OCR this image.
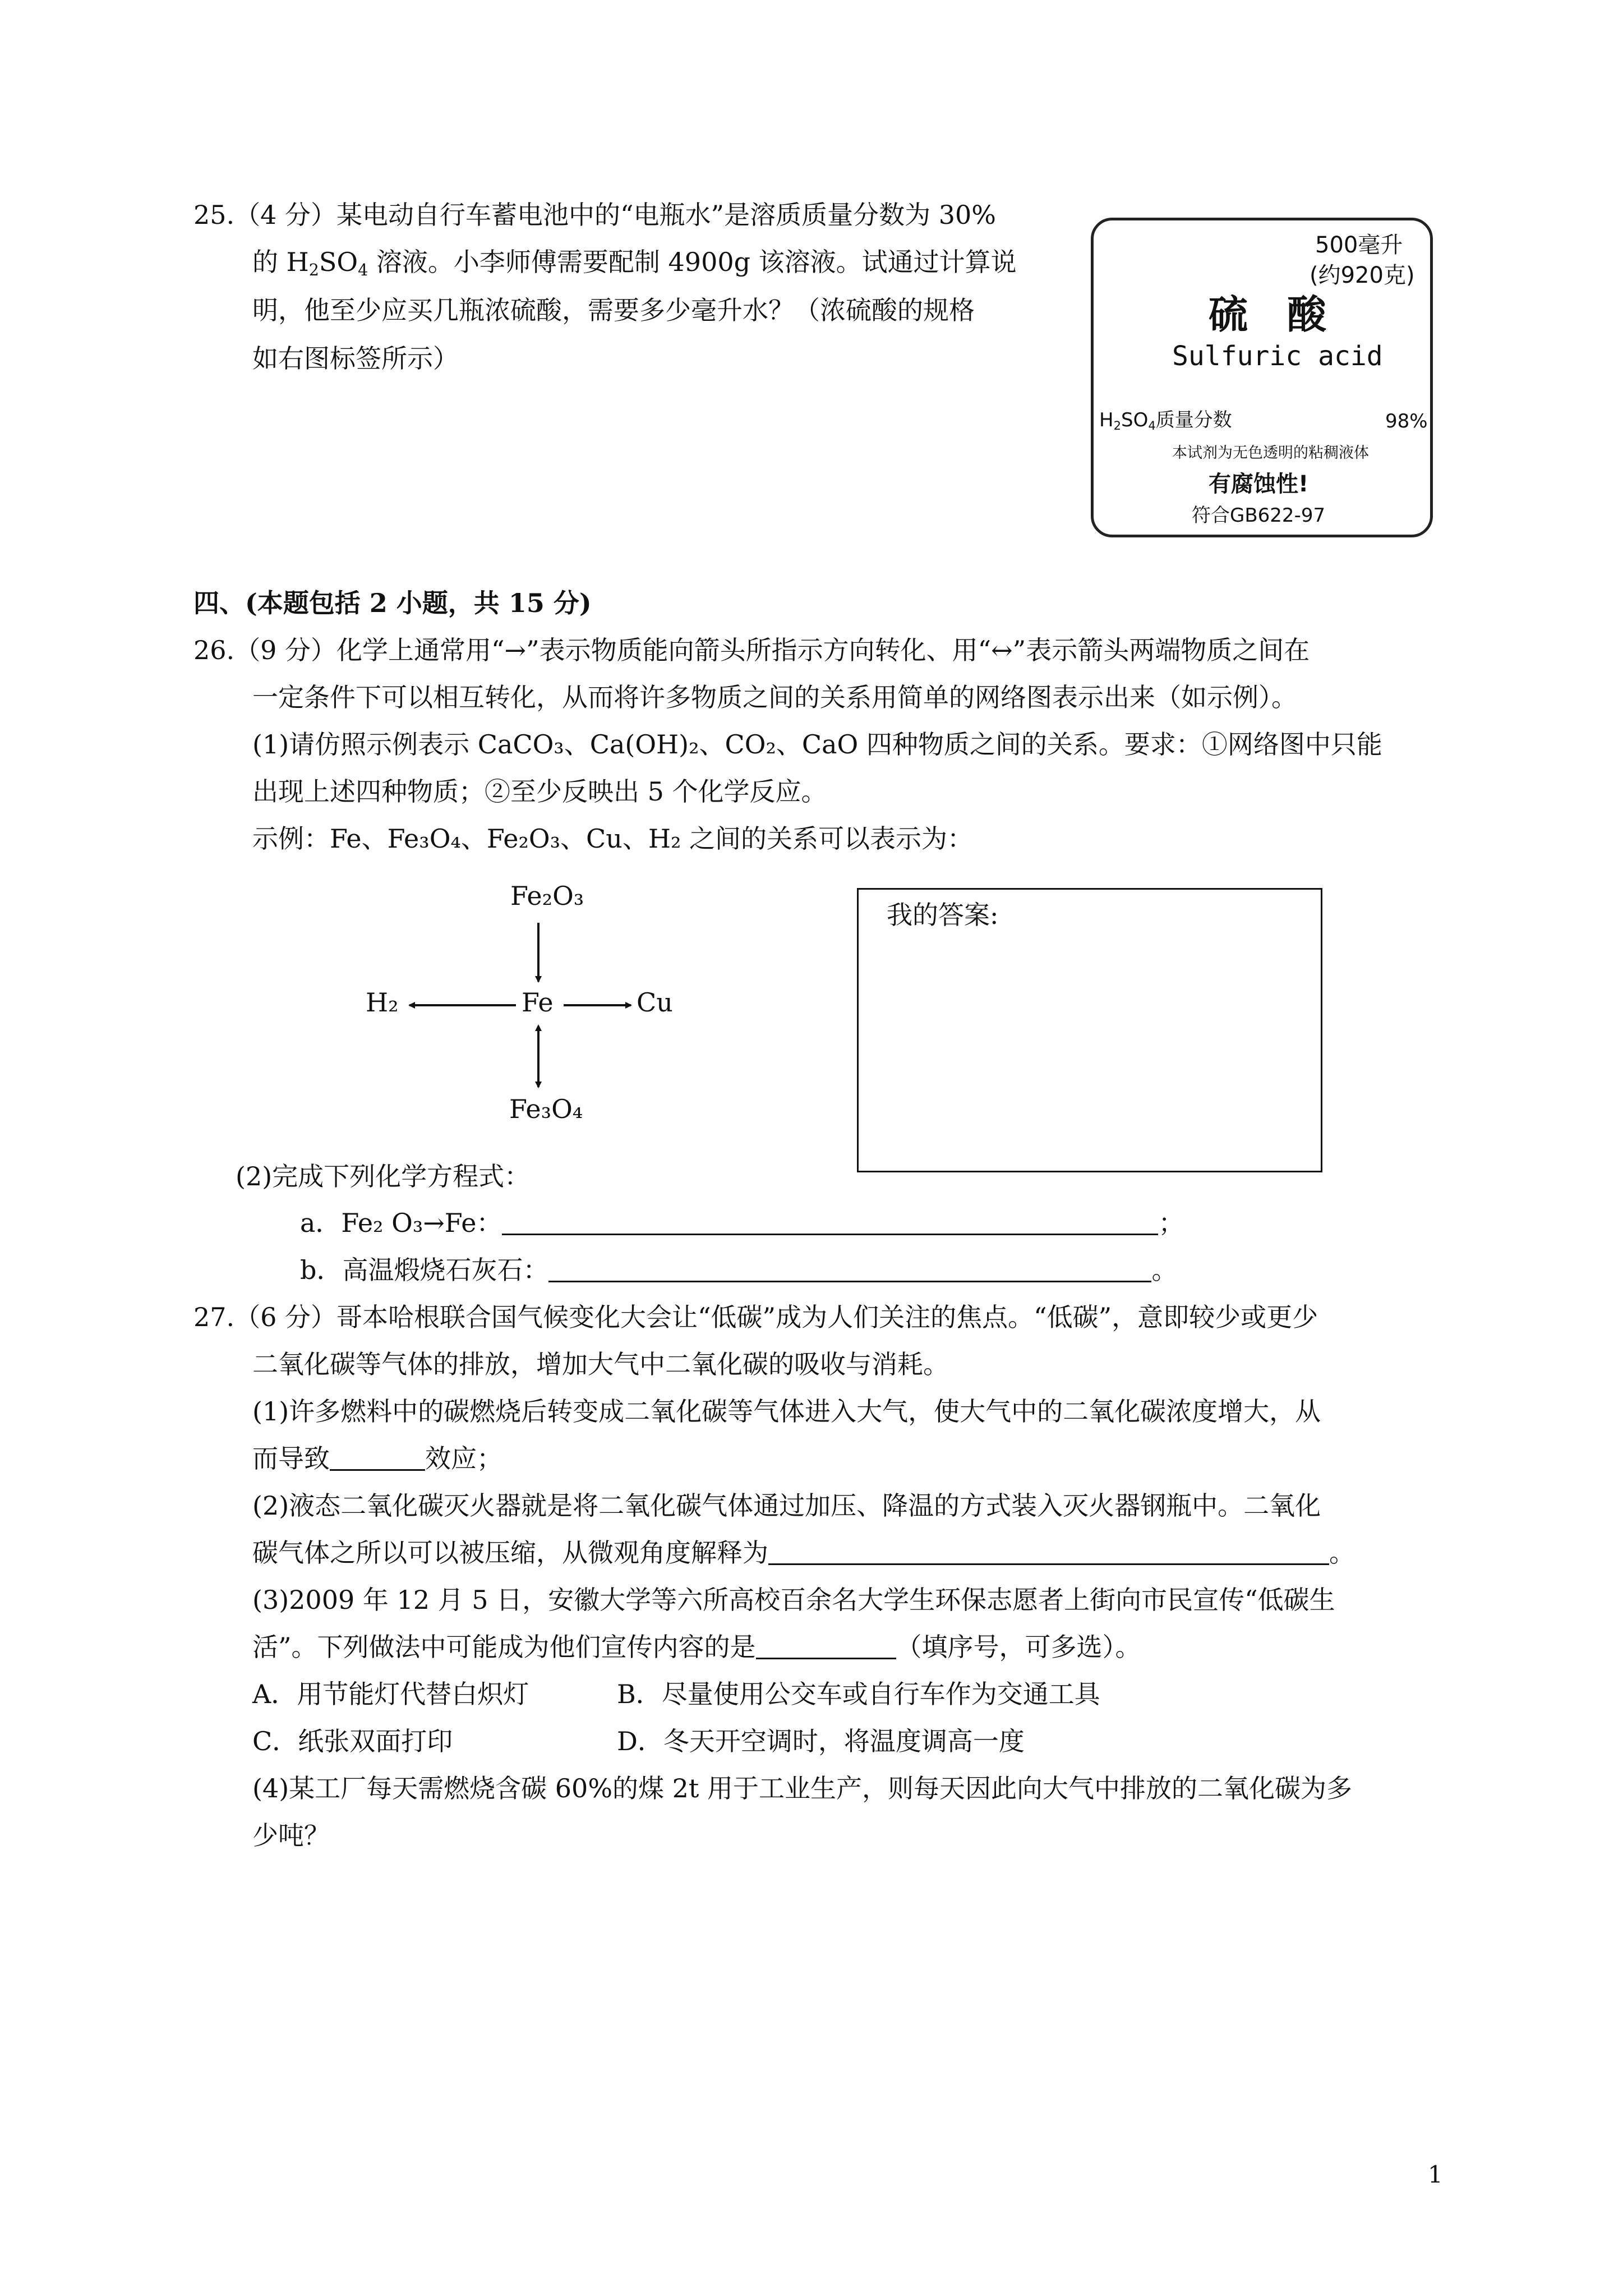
25.（4 分）某电动自行车蓄电池中的“电瓶水”是溶质质量分数为 30%
的 $H_2SO_4$ 溶液。小李师傅需要配制 4900g 该溶液。试通过计算说
明，他至少应买几瓶浓硫酸，需要多少毫升水？（浓硫酸的规格
如右图标签所示）
500毫升
(约920克)
硫　酸
Sulfuric acid
$H_2SO_4$质量分数	98%
本试剂为无色透明的粘稠液体
有腐蚀性!
符合GB622-97
四、(本题包括 2 小题，共 15 分)
26.（9 分）化学上通常用“→”表示物质能向箭头所指示方向转化、用“↔”表示箭头两端物质之间在
一定条件下可以相互转化，从而将许多物质之间的关系用简单的网络图表示出来（如示例）。
(1)请仿照示例表示 CaCO₃、Ca(OH)₂、CO₂、CaO 四种物质之间的关系。要求：①网络图中只能
出现上述四种物质；②至少反映出 5 个化学反应。
示例：Fe、Fe₃O₄、Fe₂O₃、Cu、H₂ 之间的关系可以表示为：
Fe₂O₃
H₂	Fe	Cu
Fe₃O₄
我的答案:
(2)完成下列化学方程式：
a．Fe₂ O₃→Fe：	；
b．高温煅烧石灰石：	。
27.（6 分）哥本哈根联合国气候变化大会让“低碳”成为人们关注的焦点。“低碳”，意即较少或更少
二氧化碳等气体的排放，增加大气中二氧化碳的吸收与消耗。
(1)许多燃料中的碳燃烧后转变成二氧化碳等气体进入大气，使大气中的二氧化碳浓度增大，从
而导致	效应；
(2)液态二氧化碳灭火器就是将二氧化碳气体通过加压、降温的方式装入灭火器钢瓶中。二氧化
碳气体之所以可以被压缩，从微观角度解释为	。
(3)2009 年 12 月 5 日，安徽大学等六所高校百余名大学生环保志愿者上街向市民宣传“低碳生
活”。下列做法中可能成为他们宣传内容的是	（填序号，可多选）。
A．用节能灯代替白炽灯	B．尽量使用公交车或自行车作为交通工具
C．纸张双面打印	D．冬天开空调时，将温度调高一度
(4)某工厂每天需燃烧含碳 60%的煤 2t 用于工业生产，则每天因此向大气中排放的二氧化碳为多
少吨？
1
